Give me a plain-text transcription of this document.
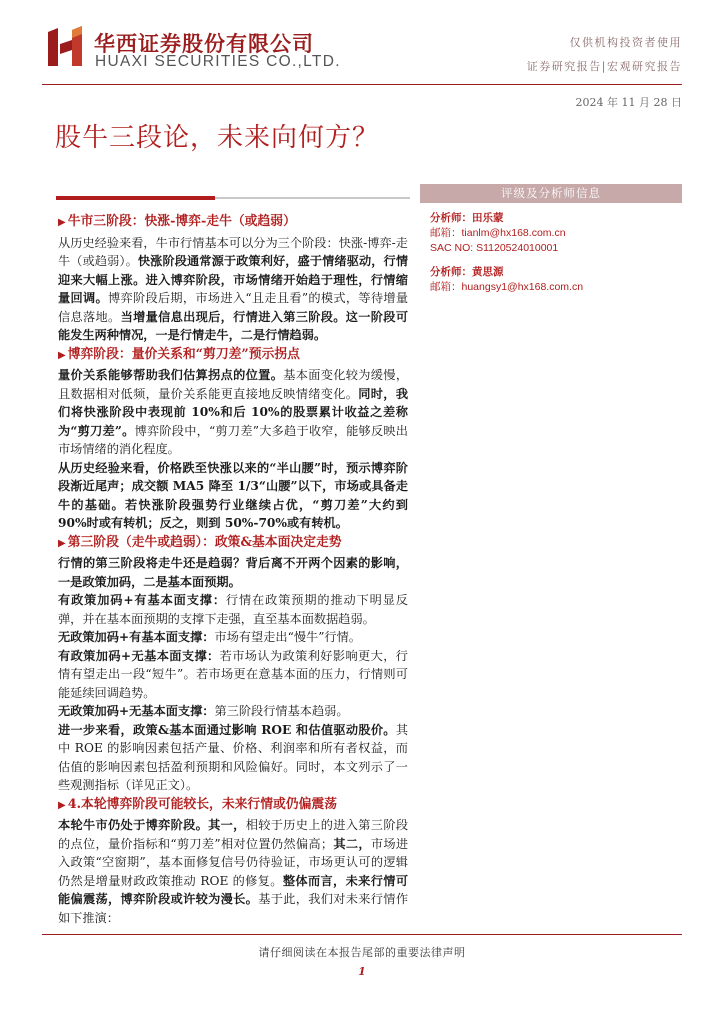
华西证券股份有限公司
HUAXI SECURITIES CO.,LTD.
仅供机构投资者使用
证券研究报告|宏观研究报告
2024 年 11 月 28 日
股牛三段论，未来向何方？

▶ 牛市三阶段：快涨-博弈-走牛（或趋弱）

从历史经验来看，牛市行情基本可以分为三个阶段：快涨-博弈-走牛（或趋弱）。快涨阶段通常源于政策利好，盛于情绪驱动，行情迎来大幅上涨。进入博弈阶段，市场情绪开始趋于理性，行情缩量回调。博弈阶段后期，市场进入“且走且看”的模式，等待增量信息落地。当增量信息出现后，行情进入第三阶段。这一阶段可能发生两种情况，一是行情走牛，二是行情趋弱。

▶ 博弈阶段：量价关系和“剪刀差”预示拐点

量价关系能够帮助我们估算拐点的位置。基本面变化较为缓慢，且数据相对低频，量价关系能更直接地反映情绪变化。同时，我们将快涨阶段中表现前 10%和后 10%的股票累计收益之差称为“剪刀差”。博弈阶段中，“剪刀差”大多趋于收窄，能够反映出市场情绪的消化程度。

从历史经验来看，价格跌至快涨以来的“半山腰”时，预示博弈阶段渐近尾声；成交额 MA5 降至 1/3“山腰”以下，市场或具备走牛的基础。若快涨阶段强势行业继续占优，“剪刀差”大约到 90%时或有转机；反之，则到 50%-70%或有转机。

▶ 第三阶段（走牛或趋弱）：政策&基本面决定走势

行情的第三阶段将走牛还是趋弱？背后离不开两个因素的影响，一是政策加码，二是基本面预期。

有政策加码+有基本面支撑：行情在政策预期的推动下明显反弹，并在基本面预期的支撑下走强，直至基本面数据趋弱。

无政策加码+有基本面支撑：市场有望走出“慢牛”行情。

有政策加码+无基本面支撑：若市场认为政策利好影响更大，行情有望走出一段“短牛”。若市场更在意基本面的压力，行情则可能延续回调趋势。

无政策加码+无基本面支撑：第三阶段行情基本趋弱。

进一步来看，政策&基本面通过影响 ROE 和估值驱动股价。其中 ROE 的影响因素包括产量、价格、利润率和所有者权益，而估值的影响因素包括盈利预期和风险偏好。同时，本文列示了一些观测指标（详见正文）。

▶ 4.本轮博弈阶段可能较长，未来行情或仍偏震荡

本轮牛市仍处于博弈阶段。其一，相较于历史上的进入第三阶段的点位，量价指标和“剪刀差”相对位置仍然偏高；其二，市场进入政策“空窗期”，基本面修复信号仍待验证，市场更认可的逻辑仍然是增量财政政策推动 ROE 的修复。整体而言，未来行情可能偏震荡，博弈阶段或许较为漫长。基于此，我们对未来行情作如下推演：

评级及分析师信息
分析师：田乐蒙
邮箱：tianlm@hx168.com.cn
SAC NO: S1120524010001
分析师：黄思源
邮箱：huangsy1@hx168.com.cn
请仔细阅读在本报告尾部的重要法律声明
1
